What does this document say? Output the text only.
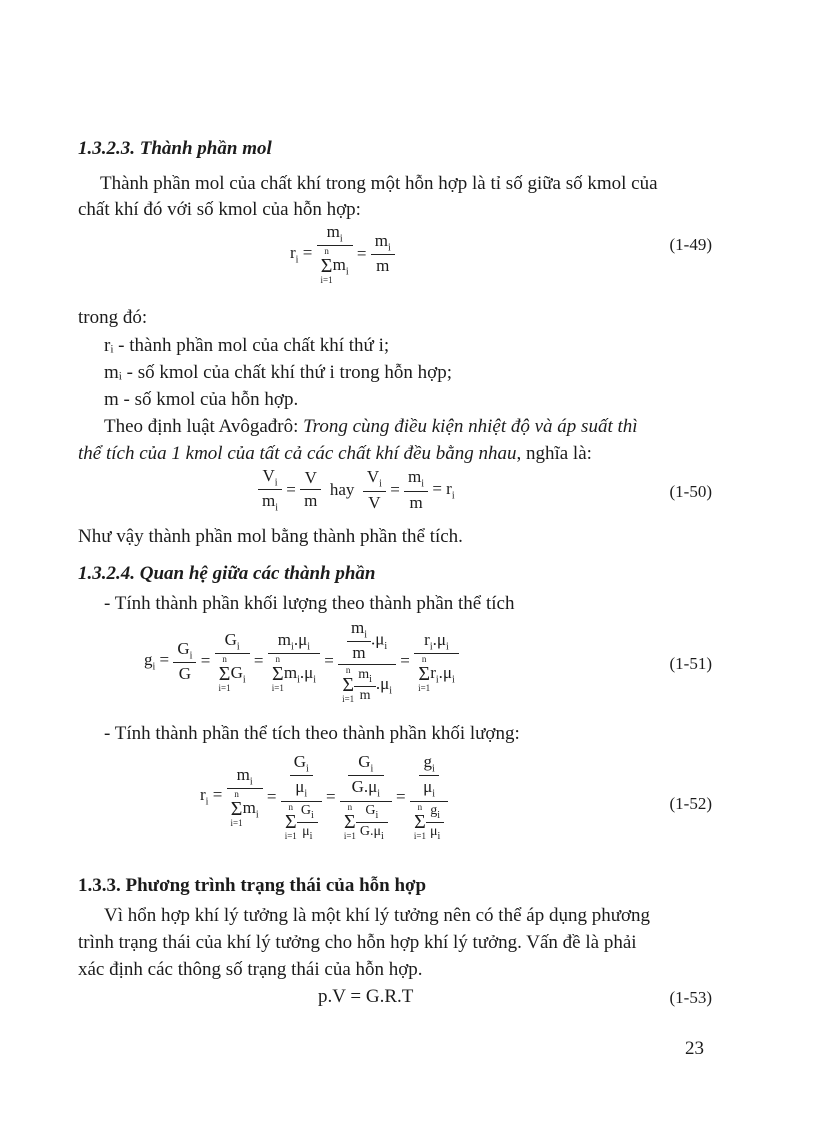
1.3.2.3. Thành phần mol
Thành phần mol của chất khí trong một hỗn hợp là tỉ số giữa số kmol của
chất khí đó với số kmol của hỗn hợp:
$r_i = m_i$
n
Σ
i=1
$m_i = \frac{m_i}{m}$	(1-49)
trong đó:
rᵢ - thành phần mol của chất khí thứ i;
mᵢ - số kmol của chất khí thứ i trong hỗn hợp;
m - số kmol của hỗn hợp.
Theo định luật Avôgađrô: Trong cùng điều kiện nhiệt độ và áp suất thì
thể tích của 1 kmol của tất cả các chất khí đều bằng nhau, nghĩa là:
$\frac{V_i}{m_i} = \frac{V}{m}$
hay
$\frac{V_i}{V} = \frac{m_i}{m} = r_i$	(1-50)
Như vậy thành phần mol bằng thành phần thể tích.
1.3.2.4. Quan hệ giữa các thành phần
- Tính thành phần khối lượng theo thành phần thể tích
$g_i = \frac{G_i}{G} = G_i$
n
Σ
i=1
$G_i = m_i.\mu_i$
n
Σ
i=1
$m_i.\mu_i = \frac{m_i}{m} .\mu_i$
n
Σ
$i=1 \frac{m_i}{m} .\mu_i = r_i.\mu_i$
n
Σ
i=1
$r_i.\mu_i$	(1-51)
- Tính thành phần thể tích theo thành phần khối lượng:
$r_i = m_i$
n
Σ
i=1
$m_i = \frac{G_i}{\mu_i}$
n
Σ
$i=1 \frac{G_i}{\mu_i} = \frac{G_i}{G.\mu_i}$
n
Σ
$i=1 \frac{G_i}{G.\mu_i} = \frac{g_i}{\mu_i}$
n
Σ
$i=1 \frac{g_i}{\mu_i}$	(1-52)
1.3.3. Phương trình trạng thái của hỗn hợp
Vì hổn hợp khí lý tưởng là một khí lý tưởng nên có thể áp dụng phương
trình trạng thái của khí lý tưởng cho hỗn hợp khí lý tưởng. Vấn đề là phải
xác định các thông số trạng thái của hỗn hợp.
p.V = G.R.T	(1-53)
23
